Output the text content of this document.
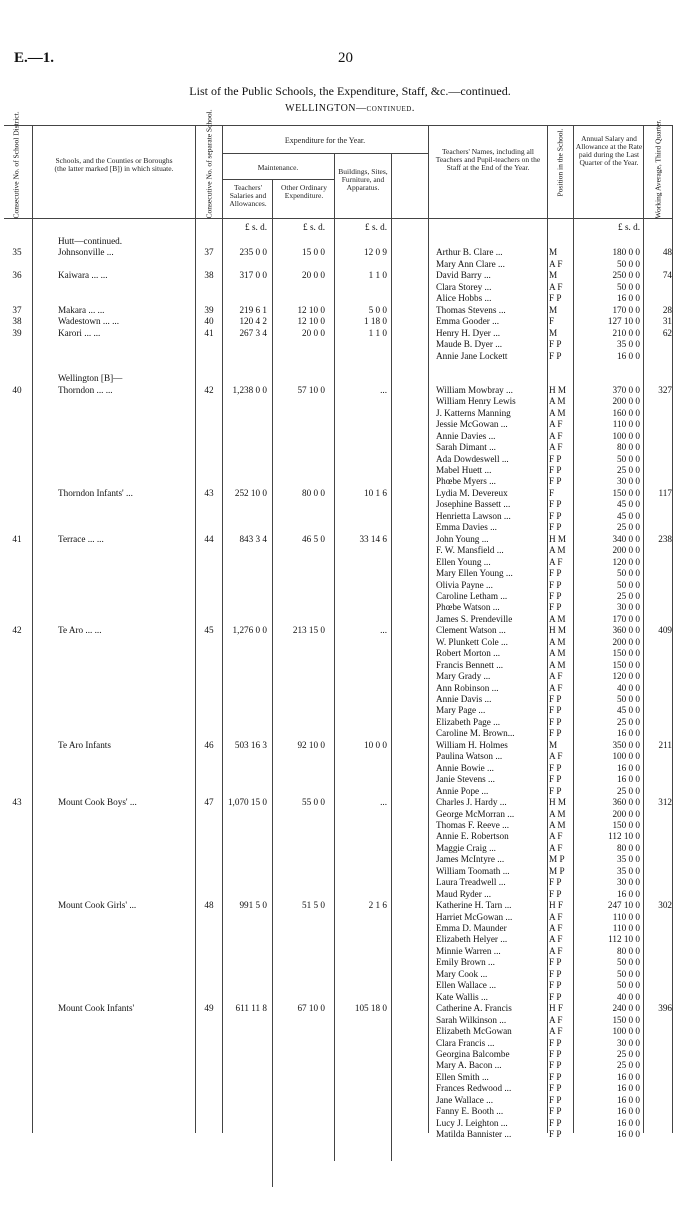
E.—1.	20
List of the Public Schools, the Expenditure, Staff, &c.—continued.
WELLINGTON—continued.
Consecutive No. of School District.	Schools, and the Counties or Boroughs (the latter marked [B]) in which situate.	Consecutive No. of separate School.	Expenditure for the Year.
Maintenance.
Teachers' Salaries and Allowances.
Other Ordinary Expenditure.
Buildings, Sites, Furniture, and Apparatus.
Teachers' Names, including all Teachers and Pupil-teachers on the Staff at the End of the Year.	Position in the School.	Annual Salary and Allowance at the Rate paid during the Last Quarter of the Year.	Working Average, Third Quarter.
£ s. d.	£ s. d.	£ s. d.	£ s. d.
Hutt—continued.
35	Johnsonville ...	37	235 0 0	15 0 0	12 0 9	Arthur B. Clare ...	M	180 0 0	48
Mary Ann Clare ...	A F	50 0 0
36	Kaiwara ... ...	38	317 0 0	20 0 0	1 1 0	David Barry ...	M	250 0 0	74
Clara Storey ...	A F	50 0 0
Alice Hobbs ...	F P	16 0 0
37	Makara ... ...	39	219 6 1	12 10 0	5 0 0	Thomas Stevens ...	M	170 0 0	28
38	Wadestown ... ...	40	120 4 2	12 10 0	1 18 0	Emma Gooder ...	F	127 10 0	31
39	Karori ... ...	41	267 3 4	20 0 0	1 1 0	Henry H. Dyer ...	M	210 0 0	62
Maude B. Dyer ...	F P	35 0 0
Annie Jane Lockett	F P	16 0 0
Wellington [B]—
40	Thorndon ... ...	42	1,238 0 0	57 10 0	...	William Mowbray ...	H M	370 0 0	327
William Henry Lewis	A M	200 0 0
J. Katterns Manning	A M	160 0 0
Jessie McGowan ...	A F	110 0 0
Annie Davies ...	A F	100 0 0
Sarah Dimant ...	A F	80 0 0
Ada Dowdeswell ...	F P	50 0 0
Mabel Huett ...	F P	25 0 0
Phœbe Myers ...	F P	30 0 0
Thorndon Infants' ...	43	252 10 0	80 0 0	10 1 6	Lydia M. Devereux	F	150 0 0	117
Josephine Bassett ...	F P	45 0 0
Henrietta Lawson ...	F P	45 0 0
Emma Davies ...	F P	25 0 0
41	Terrace ... ...	44	843 3 4	46 5 0	33 14 6	John Young ...	H M	340 0 0	238
F. W. Mansfield ...	A M	200 0 0
Ellen Young ...	A F	120 0 0
Mary Ellen Young ...	F P	50 0 0
Olivia Payne ...	F P	50 0 0
Caroline Letham ...	F P	25 0 0
Phœbe Watson ...	F P	30 0 0
James S. Prendeville	A M	170 0 0
42	Te Aro ... ...	45	1,276 0 0	213 15 0	...	Clement Watson ...	H M	360 0 0	409
W. Plunkett Cole ...	A M	200 0 0
Robert Morton ...	A M	150 0 0
Francis Bennett ...	A M	150 0 0
Mary Grady ...	A F	120 0 0
Ann Robinson ...	A F	40 0 0
Annie Davis ...	F P	50 0 0
Mary Page ...	F P	45 0 0
Elizabeth Page ...	F P	25 0 0
Caroline M. Brown...	F P	16 0 0
Te Aro Infants	46	503 16 3	92 10 0	10 0 0	William H. Holmes	M	350 0 0	211
Paulina Watson ...	A F	100 0 0
Annie Bowie ...	F P	16 0 0
Janie Stevens ...	F P	16 0 0
Annie Pope ...	F P	25 0 0
43	Mount Cook Boys' ...	47	1,070 15 0	55 0 0	...	Charles J. Hardy ...	H M	360 0 0	312
George McMorran ...	A M	200 0 0
Thomas F. Reeve ...	A M	150 0 0
Annie E. Robertson	A F	112 10 0
Maggie Craig ...	A F	80 0 0
James McIntyre ...	M P	35 0 0
William Toomath ...	M P	35 0 0
Laura Treadwell ...	F P	30 0 0
Maud Ryder ...	F P	16 0 0
Mount Cook Girls' ...	48	991 5 0	51 5 0	2 1 6	Katherine H. Tarn ...	H F	247 10 0	302
Harriet McGowan ...	A F	110 0 0
Emma D. Maunder	A F	110 0 0
Elizabeth Helyer ...	A F	112 10 0
Minnie Warren ...	A F	80 0 0
Emily Brown ...	F P	50 0 0
Mary Cook ...	F P	50 0 0
Ellen Wallace ...	F P	50 0 0
Kate Wallis ...	F P	40 0 0
Mount Cook Infants'	49	611 11 8	67 10 0	105 18 0	Catherine A. Francis	H F	240 0 0	396
Sarah Wilkinson ...	A F	150 0 0
Elizabeth McGowan	A F	100 0 0
Clara Francis ...	F P	30 0 0
Georgina Balcombe	F P	25 0 0
Mary A. Bacon ...	F P	25 0 0
Ellen Smith ...	F P	16 0 0
Frances Redwood ...	F P	16 0 0
Jane Wallace ...	F P	16 0 0
Fanny E. Booth ...	F P	16 0 0
Lucy J. Leighton ...	F P	16 0 0
Matilda Bannister ...	F P	16 0 0
